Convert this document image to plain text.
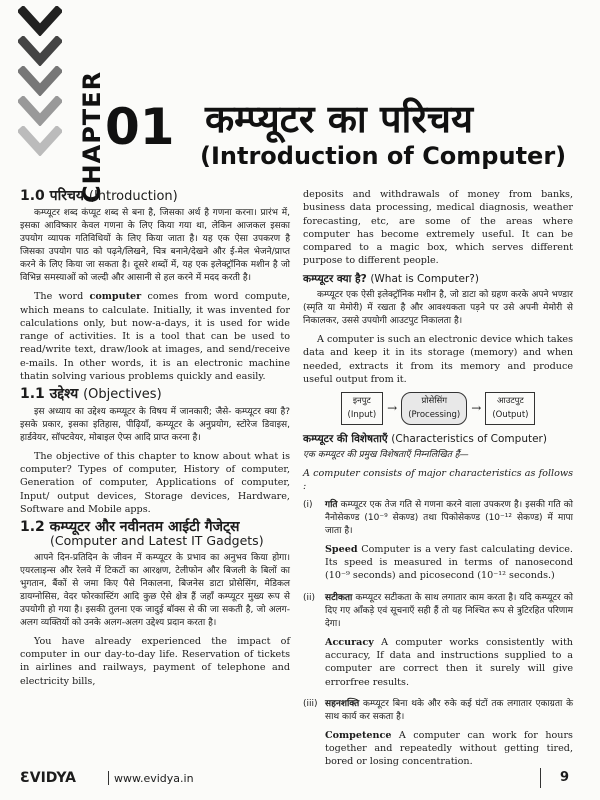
CHAPTER
01 कम्प्यूटर का परिचय
(Introduction of Computer)
1.0 परिचय (Introduction)

कम्प्यूटर शब्द कंप्यूट शब्द से बना है, जिसका अर्थ है गणना करना। प्रारंभ में, इसका आविष्कार केवल गणना के लिए किया गया था, लेकिन आजकल इसका उपयोग व्यापक गतिविधियों के लिए किया जाता है। यह एक ऐसा उपकरण है जिसका उपयोग पाठ को पढ़ने/लिखने, चित्र बनाने/देखने और ई-मेल भेजने/प्राप्त करने के लिए किया जा सकता है। दूसरे शब्दों में, यह एक इलेक्ट्रॉनिक मशीन है जो विभिन्न समस्याओं को जल्दी और आसानी से हल करने में मदद करती है।

The word computer comes from word compute, which means to calculate. Initially, it was invented for calculations only, but now-a-days, it is used for wide range of activities. It is a tool that can be used to read/write text, draw/look at images, and send/receive e-mails. In other words, it is an electronic machine thatin solving various problems quickly and easily.

1.1 उद्देश्य (Objectives)

इस अध्याय का उद्देश्य कम्प्यूटर के विषय में जानकारी; जैसे- कम्प्यूटर क्या है? इसके प्रकार, इसका इतिहास, पीढ़ियाँ, कम्प्यूटर के अनुप्रयोग, स्टोरेज डिवाइस, हार्डवेयर, सॉफ्टवेयर, मोबाइल ऐप्स आदि प्राप्त करना है।

The objective of this chapter to know about what is computer? Types of computer, History of computer, Generation of computer, Applications of computer, Input/ output devices, Storage devices, Hardware, Software and Mobile apps.

1.2 कम्प्यूटर और नवीनतम आईटी गैजेट्स
(Computer and Latest IT Gadgets)

आपने दिन-प्रतिदिन के जीवन में कम्प्यूटर के प्रभाव का अनुभव किया होगा। एयरलाइन्स और रेलवे में टिकटों का आरक्षण, टेलीफोन और बिजली के बिलों का भुगतान, बैंकों से जमा किए पैसे निकालना, बिजनेस डाटा प्रोसेसिंग, मेडिकल डायग्नोसिस, वेदर फोरकास्टिंग आदि कुछ ऐसे क्षेत्र हैं जहाँ कम्प्यूटर मुख्य रूप से उपयोगी हो गया है। इसकी तुलना एक जादुई बॉक्स से की जा सकती है, जो अलग-अलग व्यक्तियों को उनके अलग-अलग उद्देश्य प्रदान करता है।

You have already experienced the impact of computer in our day-to-day life. Reservation of tickets in airlines and railways, payment of telephone and electricity bills,

deposits and withdrawals of money from banks, business data processing, medical diagnosis, weather forecasting, etc, are some of the areas where computer has become extremely useful. It can be compared to a magic box, which serves different purpose to different people.

कम्प्यूटर क्या है? (What is Computer?)

कम्प्यूटर एक ऐसी इलेक्ट्रॉनिक मशीन है, जो डाटा को ग्रहण करके अपने भण्डार (स्मृति या मेमोरी) में रखता है और आवश्यकता पड़ने पर उसे अपनी मेमोरी से निकालकर, उससे उपयोगी आउटपुट निकालता है।

A computer is such an electronic device which takes data and keep it in its storage (memory) and when needed, extracts it from its memory and produce useful output from it.

इनपुट
(Input) →	प्रोसेसिंग
(Processing) →	आउटपुट
(Output)
कम्प्यूटर की विशेषताएँ (Characteristics of Computer)

एक कम्प्यूटर की प्रमुख विशेषताएँ निम्नलिखित हैं—

A computer consists of major characteristics as follows :

(i)	गति कम्प्यूटर एक तेज गति से गणना करने वाला उपकरण है। इसकी गति को नैनोसेकण्ड (10⁻⁹ सेकण्ड) तथा पिकोसेकण्ड (10⁻¹² सेकण्ड) में मापा जाता है।

Speed Computer is a very fast calculating device. Its speed is measured in terms of nanosecond (10⁻⁹ seconds) and picosecond (10⁻¹² seconds.)

(ii)	सटीकता कम्प्यूटर सटीकता के साथ लगातार काम करता है। यदि कम्प्यूटर को दिए गए आँकड़े एवं सूचनाएँ सही हैं तो यह निश्चित रूप से त्रुटिरहित परिणाम देगा।

Accuracy A computer works consistently with accuracy, If data and instructions supplied to a computer are correct then it surely will give errorfree results.

(iii) सहनशक्ति कम्प्यूटर बिना थके और रुके कई घंटों तक लगातार एकाग्रता के साथ कार्य कर सकता है।

Competence A computer can work for hours together and repeatedly without getting tired, bored or losing concentration.

ƐVIDYA	www.evidya.in	9
